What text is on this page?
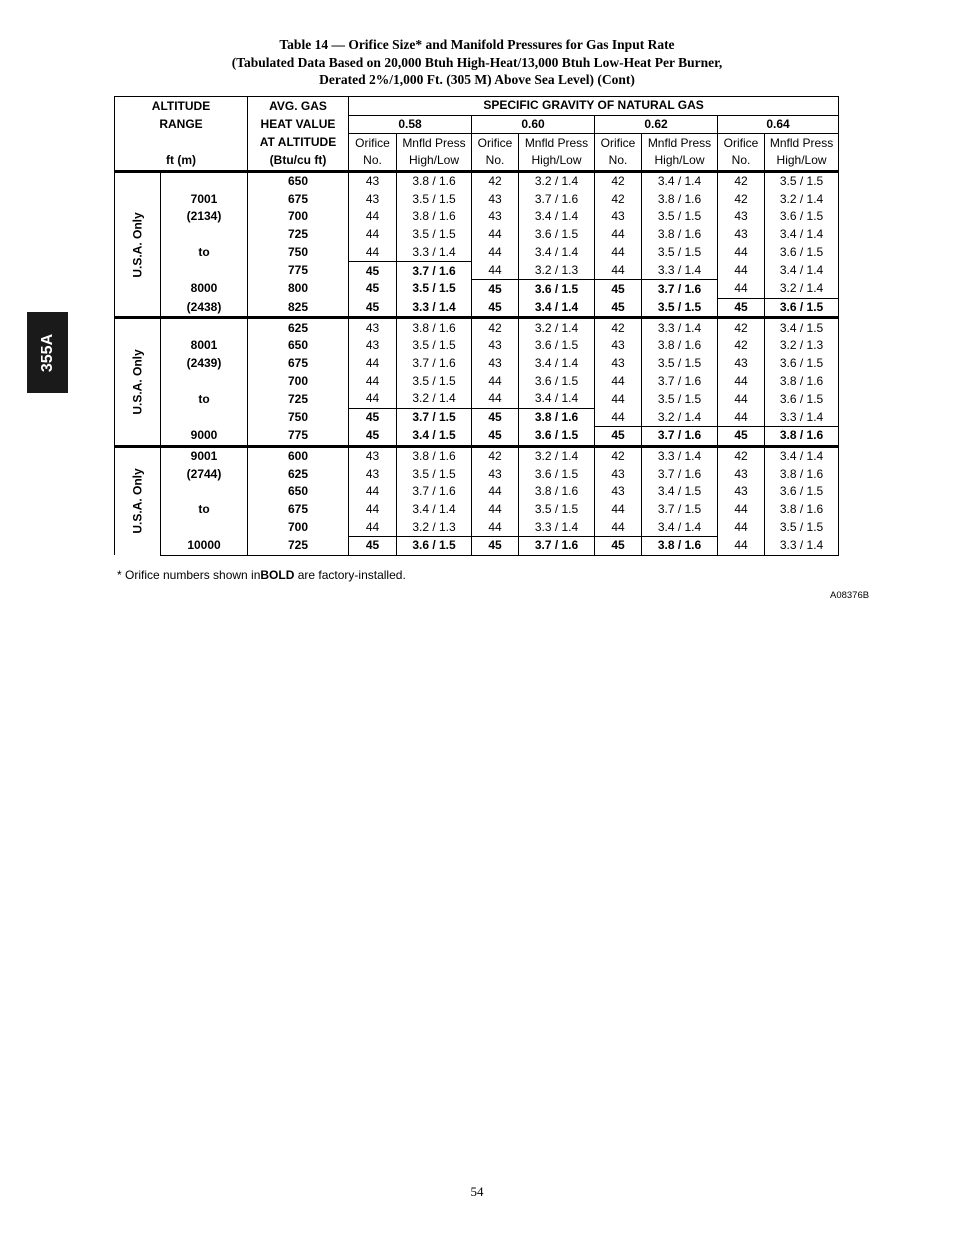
Table 14 — Orifice Size* and Manifold Pressures for Gas Input Rate
(Tabulated Data Based on 20,000 Btuh High-Heat/13,000 Btuh Low-Heat Per Burner,
Derated 2%/1,000 Ft. (305 M) Above Sea Level) (Cont)
355A
ALTITUDE		AVG. GAS	SPECIFIC GRAVITY OF NATURAL GAS							
RANGE		HEAT VALUE	0.58		0.60		0.62		0.64	
		AT ALTITUDE	Orifice	Mnfld Press	Orifice	Mnfld Press	Orifice	Mnfld Press	Orifice	Mnfld Press
ft (m)		(Btu/cu ft)	No.	High/Low	No.	High/Low	No.	High/Low	No.	High/Low

U.S.A. Only		650	43	3.8 / 1.6	42	3.2 / 1.4	42	3.4 / 1.4	42	3.5 / 1.5
	7001	675	43	3.5 / 1.5	43	3.7 / 1.6	42	3.8 / 1.6	42	3.2 / 1.4
	(2134)	700	44	3.8 / 1.6	43	3.4 / 1.4	43	3.5 / 1.5	43	3.6 / 1.5
		725	44	3.5 / 1.5	44	3.6 / 1.5	44	3.8 / 1.6	43	3.4 / 1.4
	to	750	44	3.3 / 1.4	44	3.4 / 1.4	44	3.5 / 1.5	44	3.6 / 1.5
		775	45	3.7 / 1.6	44	3.2 / 1.3	44	3.3 / 1.4	44	3.4 / 1.4
	8000	800	45	3.5 / 1.5	45	3.6 / 1.5	45	3.7 / 1.6	44	3.2 / 1.4
	(2438)	825	45	3.3 / 1.4	45	3.4 / 1.4	45	3.5 / 1.5	45	3.6 / 1.5

U.S.A. Only		625	43	3.8 / 1.6	42	3.2 / 1.4	42	3.3 / 1.4	42	3.4 / 1.5
	8001	650	43	3.5 / 1.5	43	3.6 / 1.5	43	3.8 / 1.6	42	3.2 / 1.3
	(2439)	675	44	3.7 / 1.6	43	3.4 / 1.4	43	3.5 / 1.5	43	3.6 / 1.5
		700	44	3.5 / 1.5	44	3.6 / 1.5	44	3.7 / 1.6	44	3.8 / 1.6
	to	725	44	3.2 / 1.4	44	3.4 / 1.4	44	3.5 / 1.5	44	3.6 / 1.5
		750	45	3.7 / 1.5	45	3.8 / 1.6	44	3.2 / 1.4	44	3.3 / 1.4
	9000	775	45	3.4 / 1.5	45	3.6 / 1.5	45	3.7 / 1.6	45	3.8 / 1.6

U.S.A. Only	9001	600	43	3.8 / 1.6	42	3.2 / 1.4	42	3.3 / 1.4	42	3.4 / 1.4
	(2744)	625	43	3.5 / 1.5	43	3.6 / 1.5	43	3.7 / 1.6	43	3.8 / 1.6
		650	44	3.7 / 1.6	44	3.8 / 1.6	43	3.4 / 1.5	43	3.6 / 1.5
	to	675	44	3.4 / 1.4	44	3.5 / 1.5	44	3.7 / 1.5	44	3.8 / 1.6
		700	44	3.2 / 1.3	44	3.3 / 1.4	44	3.4 / 1.4	44	3.5 / 1.5
	10000	725	45	3.6 / 1.5	45	3.7 / 1.6	45	3.8 / 1.6	44	3.3 / 1.4
* Orifice numbers shown inBOLD are factory-installed.
A08376B
54
